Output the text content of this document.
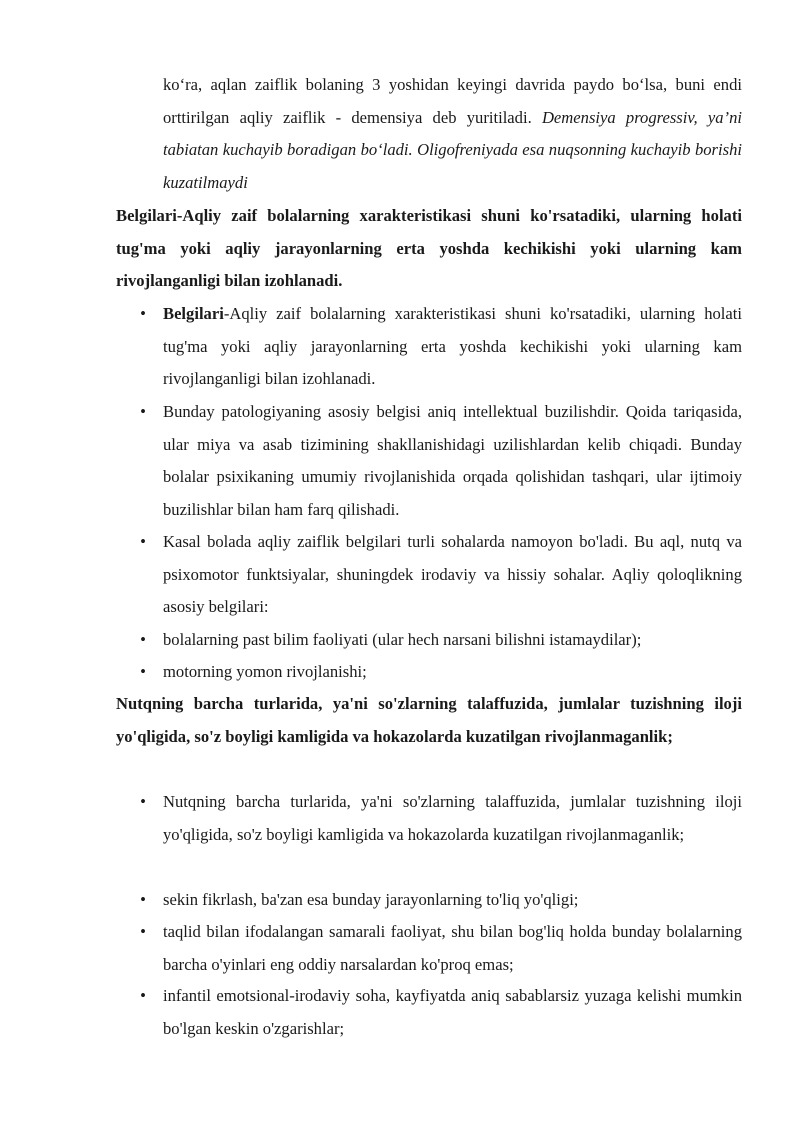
ko‘ra, aqlan zaiflik bolaning 3 yoshidan keyingi davrida paydo bo‘lsa, buni endi orttirilgan aqliy zaiflik - demensiya deb yuritiladi. Demensiya progressiv, ya’ni tabiatan kuchayib boradigan bo‘ladi. Oligofreniyada esa nuqsonning kuchayib borishi kuzatilmaydi

Belgilari-Aqliy zaif bolalarning xarakteristikasi shuni ko'rsatadiki, ularning holati tug'ma yoki aqliy jarayonlarning erta yoshda kechikishi yoki ularning kam rivojlanganligi bilan izohlanadi.

•
Belgilari-Aqliy zaif bolalarning xarakteristikasi shuni ko'rsatadiki, ularning holati tug'ma yoki aqliy jarayonlarning erta yoshda kechikishi yoki ularning kam rivojlanganligi bilan izohlanadi.
•
Bunday patologiyaning asosiy belgisi aniq intellektual buzilishdir. Qoida tariqasida, ular miya va asab tizimining shakllanishidagi uzilishlardan kelib chiqadi. Bunday bolalar psixikaning umumiy rivojlanishida orqada qolishidan tashqari, ular ijtimoiy buzilishlar bilan ham farq qilishadi.
•
Kasal bolada aqliy zaiflik belgilari turli sohalarda namoyon bo'ladi. Bu aql, nutq va psixomotor funktsiyalar, shuningdek irodaviy va hissiy sohalar. Aqliy qoloqlikning asosiy belgilari:
•
bolalarning past bilim faoliyati (ular hech narsani bilishni istamaydilar);
•
motorning yomon rivojlanishi;

Nutqning barcha turlarida, ya'ni so'zlarning talaffuzida, jumlalar tuzishning iloji yo'qligida, so'z boyligi kamligida va hokazolarda kuzatilgan rivojlanmaganlik;

•
Nutqning barcha turlarida, ya'ni so'zlarning talaffuzida, jumlalar tuzishning iloji yo'qligida, so'z boyligi kamligida va hokazolarda kuzatilgan rivojlanmaganlik;
•
sekin fikrlash, ba'zan esa bunday jarayonlarning to'liq yo'qligi;
•
taqlid bilan ifodalangan samarali faoliyat, shu bilan bog'liq holda bunday bolalarning barcha o'yinlari eng oddiy narsalardan ko'proq emas;
•
infantil emotsional-irodaviy soha, kayfiyatda aniq sabablarsiz yuzaga kelishi mumkin bo'lgan keskin o'zgarishlar;
